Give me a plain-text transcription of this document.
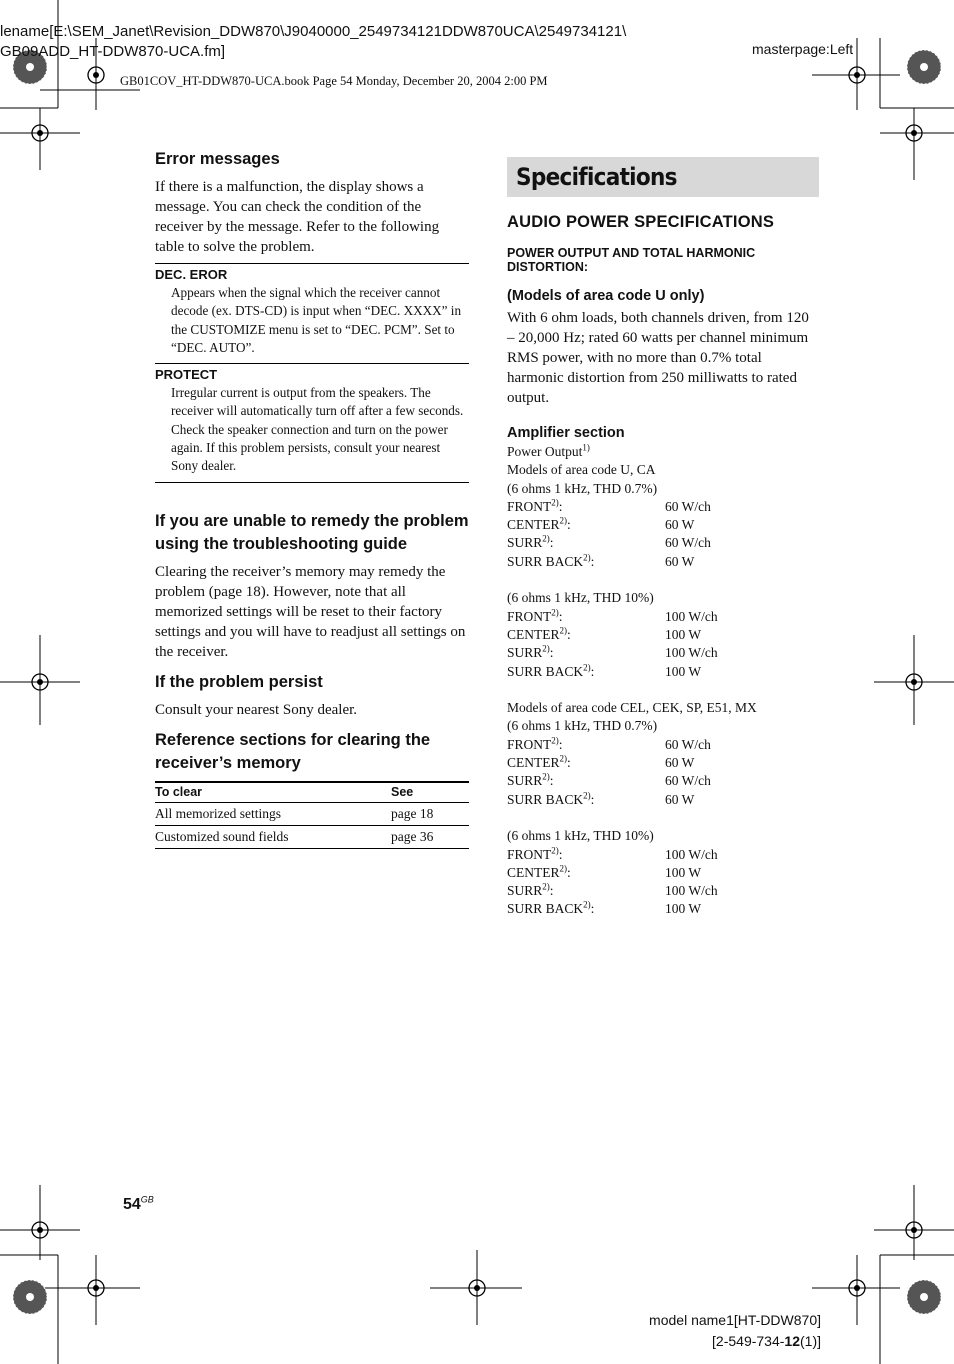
lename[E:\SEM_Janet\Revision_DDW870\J9040000_2549734121DDW870UCA\2549734121\
GB09ADD_HT-DDW870-UCA.fm]	masterpage:Left
GB01COV_HT-DDW870-UCA.book Page 54 Monday, December 20, 2004 2:00 PM
Error messages

If there is a malfunction, the display shows a message. You can check the condition of the receiver by the message. Refer to the following table to solve the problem.

DEC. EROR
Appears when the signal which the receiver cannot decode (ex. DTS-CD) is input when “DEC. XXXX” in the CUSTOMIZE menu is set to “DEC. PCM”. Set to “DEC. AUTO”.
PROTECT
Irregular current is output from the speakers. The receiver will automatically turn off after a few seconds. Check the speaker connection and turn on the power again. If this problem persists, consult your nearest Sony dealer.
If you are unable to remedy the problem using the troubleshooting guide

Clearing the receiver’s memory may remedy the problem (page 18). However, note that all memorized settings will be reset to their factory settings and you will have to readjust all settings on the receiver.

If the problem persist

Consult your nearest Sony dealer.

Reference sections for clearing the receiver’s memory
To clear	See
All memorized settings	page 18
Customized sound fields	page 36
Specifications
AUDIO POWER SPECIFICATIONS
POWER OUTPUT AND TOTAL HARMONIC DISTORTION:
(Models of area code U only)

With 6 ohm loads, both channels driven, from 120 – 20,000 Hz; rated 60 watts per channel minimum RMS power, with no more than 0.7% total harmonic distortion from 250 milliwatts to rated output.

Amplifier section
Power Output$^{1)}$
Models of area code U, CA
(6 ohms 1 kHz, THD 0.7%)
FRONT$^{2)}$:	60 W/ch
CENTER$^{2)}$:	60 W
SURR$^{2)}$:	60 W/ch
SURR BACK$^{2)}$:	60 W
(6 ohms 1 kHz, THD 10%)
FRONT$^{2)}$:	100 W/ch
CENTER$^{2)}$:	100 W
SURR$^{2)}$:	100 W/ch
SURR BACK$^{2)}$:	100 W
Models of area code CEL, CEK, SP, E51, MX
(6 ohms 1 kHz, THD 0.7%)
FRONT$^{2)}$:	60 W/ch
CENTER$^{2)}$:	60 W
SURR$^{2)}$:	60 W/ch
SURR BACK$^{2)}$:	60 W
(6 ohms 1 kHz, THD 10%)
FRONT$^{2)}$:	100 W/ch
CENTER$^{2)}$:	100 W
SURR$^{2)}$:	100 W/ch
SURR BACK$^{2)}$:	100 W
$54^{GB}$
model name1[HT-DDW870]
[2-549-734-12(1)]
